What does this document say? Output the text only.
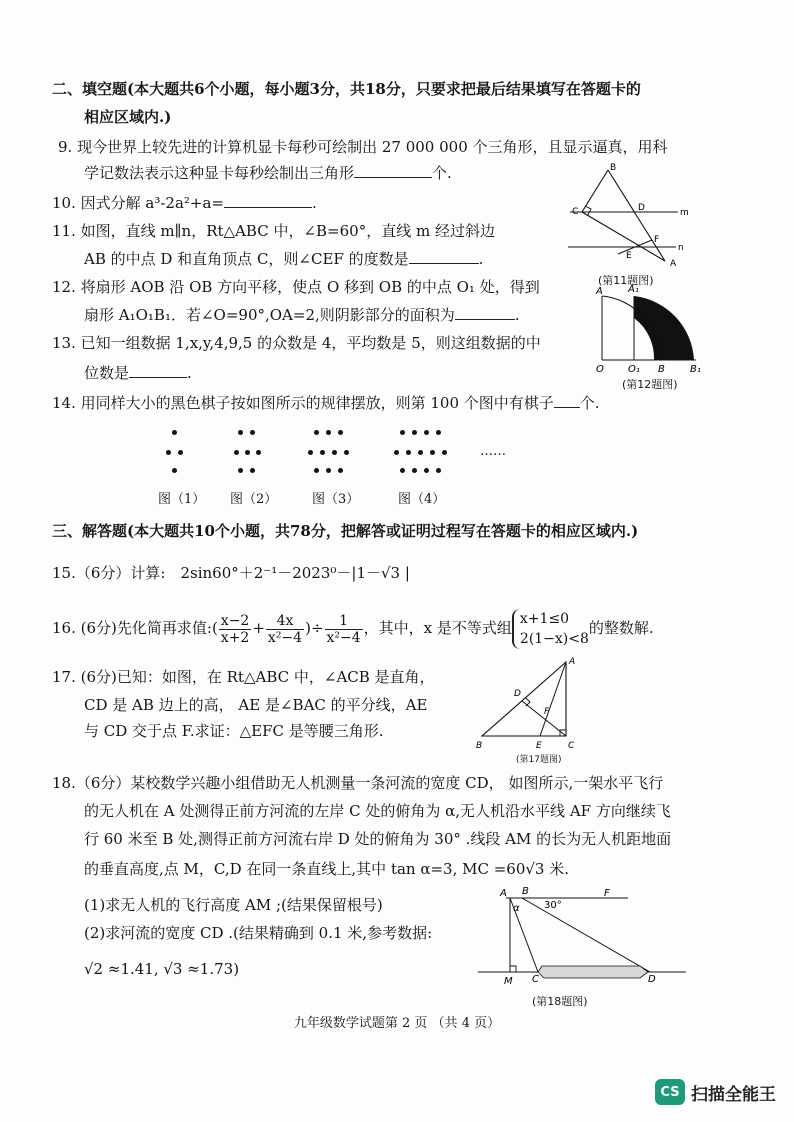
二、填空题(本大题共6个小题，每小题3分，共18分，只要求把最后结果填写在答题卡的
相应区域内.)
9. 现今世界上较先进的计算机显卡每秒可绘制出 27 000 000 个三角形，且显示逼真，用科
学记数法表示这种显卡每秒绘制出三角形	个.
10. 因式分解 a³-2a²+a=	.
11. 如图，直线 m∥n，Rt△ABC 中，∠B=60°，直线 m 经过斜边
AB 的中点 D 和直角顶点 C，则∠CEF 的度数是	.
B
C	D
E
F
A
m
n
(第11题图)
12. 将扇形 AOB 沿 OB 方向平移，使点 O 移到 OB 的中点 O₁ 处，得到
扇形 A₁O₁B₁．若∠O=90°,OA=2,则阴影部分的面积为	.
A	A₁
O O₁ B	B₁
(第12题图)
13. 已知一组数据 1,x,y,4,9,5 的众数是 4，平均数是 5，则这组数据的中
位数是	.
14. 用同样大小的黑色棋子按如图所示的规律摆放，则第 100 个图中有棋子 个.
……
图（1） 图（2）	图（3）	图（4）
三、解答题(本大题共10个小题，共78分，把解答或证明过程写在答题卡的相应区域内.)
15.（6分）计算:　2sin60°＋2⁻¹－2023⁰－|1－√3 |
16. (6分)先化简再求值:( $\frac{x-2}{x+2} + \frac{4x}{\text{x²−4}}$ )÷ $\frac{1}{\text{x²−4}}$ ，其中，x 是不等式组 x+1≤0
2(1−x)<8
的整数解.
17. (6分)已知：如图，在 Rt△ABC 中，∠ACB 是直角，
CD 是 AB 边上的高， AE 是∠BAC 的平分线，AE
与 CD 交于点 F.求证：△EFC 是等腰三角形.
A
B	C
D
E
F
(第17题图)
18.（6分）某校数学兴趣小组借助无人机测量一条河流的宽度 CD， 如图所示,一架水平飞行
的无人机在 A 处测得正前方河流的左岸 C 处的俯角为 α,无人机沿水平线 AF 方向继续飞
行 60 米至 B 处,测得正前方河流右岸 D 处的俯角为 30° .线段 AM 的长为无人机距地面
的垂直高度,点 M，C,D 在同一条直线上,其中 tan α=3, MC =60√3 米.
(1)求无人机的飞行高度 AM ;(结果保留根号)
(2)求河流的宽度 CD .(结果精确到 0.1 米,参考数据:
√2 ≈1.41, √3 ≈1.73)
A B	F
α 30°
M C	D
(第18题图)
九年级数学试题第 2 页 （共 4 页）
CS 扫描全能王
